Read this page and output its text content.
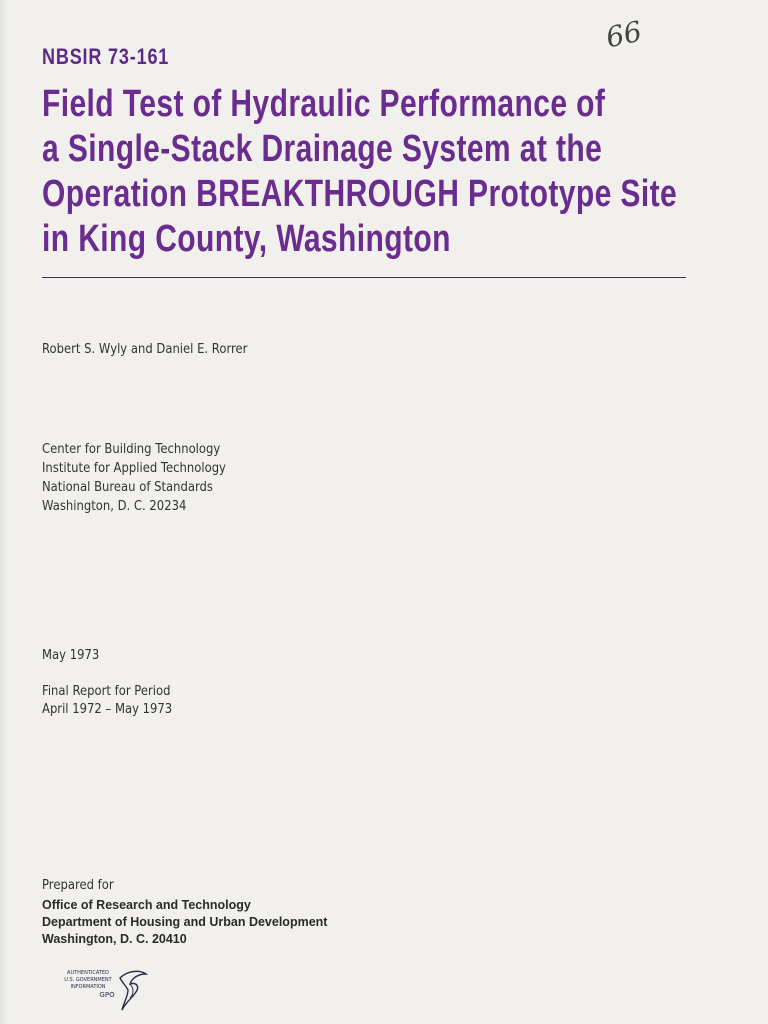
66
NBSIR 73-161
Field Test of Hydraulic Performance of
a Single-Stack Drainage System at the
Operation BREAKTHROUGH Prototype Site
in King County, Washington
Robert S. Wyly and Daniel E. Rorrer
Center for Building Technology
Institute for Applied Technology
National Bureau of Standards
Washington, D. C. 20234
May 1973
Final Report for Period
April 1972 – May 1973
Prepared for
Office of Research and Technology
Department of Housing and Urban Development
Washington, D. C. 20410
AUTHENTICATED
U.S. GOVERNMENT
INFORMATION
GPO
